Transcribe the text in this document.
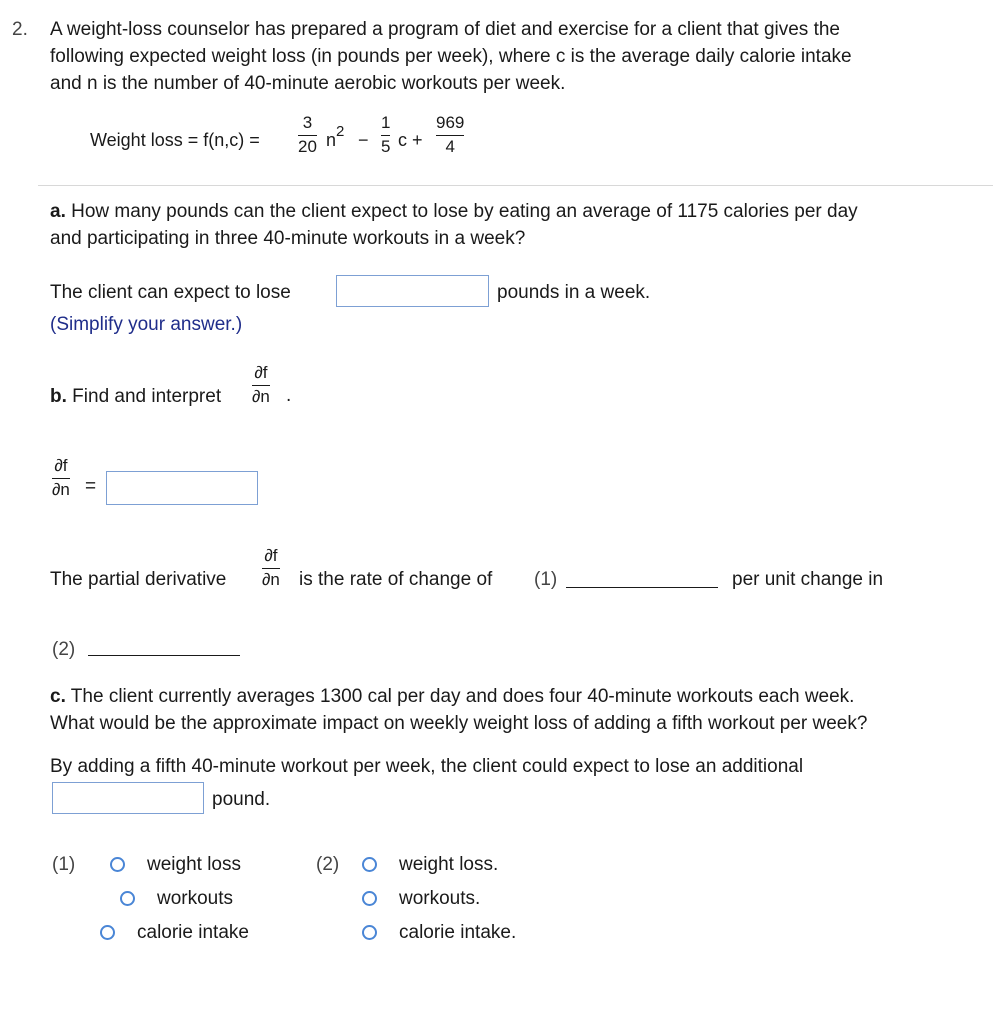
2. A weight-loss counselor has prepared a program of diet and exercise for a client that gives the
following expected weight loss (in pounds per week), where c is the average daily calorie intake
and n is the number of 40-minute aerobic workouts per week.
Weight loss = f(n,c) =
3
20 $n^2$ −
1
5 c +
969
4
a. How many pounds can the client expect to lose by eating an average of 1175 calories per day
and participating in three 40-minute workouts in a week?
The client can expect to lose	pounds in a week.
(Simplify your answer.)
b. Find and interpret
∂f
∂n .
∂f
∂n =
The partial derivative
∂f
∂n is the rate of change of (1)	per unit change in
(2)
c. The client currently averages 1300 cal per day and does four 40-minute workouts each week.
What would be the approximate impact on weekly weight loss of adding a fifth workout per week?
By adding a fifth 40-minute workout per week, the client could expect to lose an additional
pound.
(1)	weight loss
workouts
calorie intake
(2)	weight loss.
workouts.
calorie intake.
